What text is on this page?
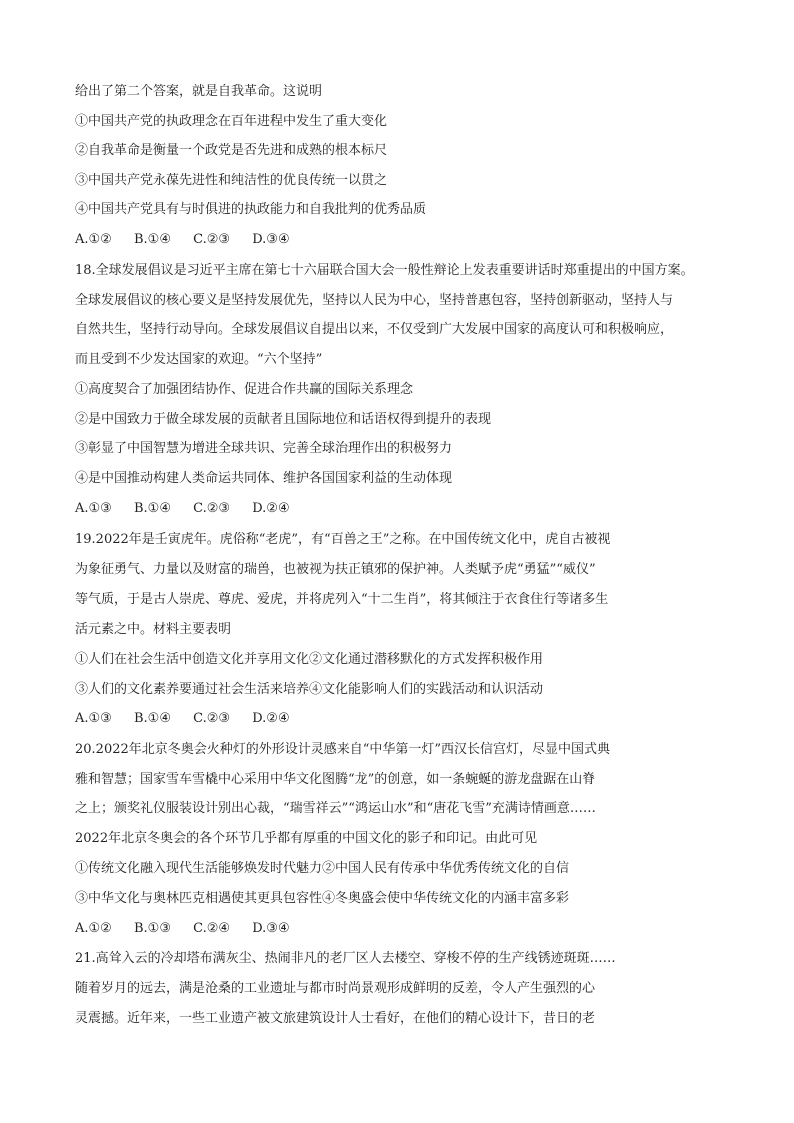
给出了第二个答案，就是自我革命。这说明
①中国共产党的执政理念在百年进程中发生了重大变化
②自我革命是衡量一个政党是否先进和成熟的根本标尺
③中国共产党永葆先进性和纯洁性的优良传统一以贯之
④中国共产党具有与时俱进的执政能力和自我批判的优秀品质
A.①② B.①④ C.②③ D.③④
18.全球发展倡议是习近平主席在第七十六届联合国大会一般性辩论上发表重要讲话时郑重提出的中国方案。
全球发展倡议的核心要义是坚持发展优先，坚持以人民为中心，坚持普惠包容，坚持创新驱动，坚持人与
自然共生，坚持行动导向。全球发展倡议自提出以来，不仅受到广大发展中国家的高度认可和积极响应，
而且受到不少发达国家的欢迎。“六个坚持”
①高度契合了加强团结协作、促进合作共赢的国际关系理念
②是中国致力于做全球发展的贡献者且国际地位和话语权得到提升的表现
③彰显了中国智慧为增进全球共识、完善全球治理作出的积极努力
④是中国推动构建人类命运共同体、维护各国国家利益的生动体现
A.①③ B.①④ C.②③ D.②④
19.2022年是壬寅虎年。虎俗称“老虎”，有“百兽之王”之称。在中国传统文化中，虎自古被视
为象征勇气、力量以及财富的瑞兽，也被视为扶正镇邪的保护神。人类赋予虎“勇猛”“威仪”
等气质，于是古人崇虎、尊虎、爱虎，并将虎列入“十二生肖”，将其倾注于衣食住行等诸多生
活元素之中。材料主要表明
①人们在社会生活中创造文化并享用文化②文化通过潜移默化的方式发挥积极作用
③人们的文化素养要通过社会生活来培养④文化能影响人们的实践活动和认识活动
A.①③ B.①④ C.②③ D.②④
20.2022年北京冬奥会火种灯的外形设计灵感来自“中华第一灯”西汉长信宫灯，尽显中国式典
雅和智慧；国家雪车雪橇中心采用中华文化图腾“龙”的创意，如一条蜿蜒的游龙盘踞在山脊
之上；颁奖礼仪服装设计别出心裁，“瑞雪祥云”“鸿运山水”和“唐花飞雪”充满诗情画意……
2022年北京冬奥会的各个环节几乎都有厚重的中国文化的影子和印记。由此可见
①传统文化融入现代生活能够焕发时代魅力②中国人民有传承中华优秀传统文化的自信
③中华文化与奥林匹克相遇使其更具包容性④冬奥盛会使中华传统文化的内涵丰富多彩
A.①② B.①③ C.②④ D.③④
21.高耸入云的冷却塔布满灰尘、热闹非凡的老厂区人去楼空、穿梭不停的生产线锈迹斑斑……
随着岁月的远去，满是沧桑的工业遗址与都市时尚景观形成鲜明的反差，令人产生强烈的心
灵震撼。近年来，一些工业遗产被文旅建筑设计人士看好，在他们的精心设计下，昔日的老
